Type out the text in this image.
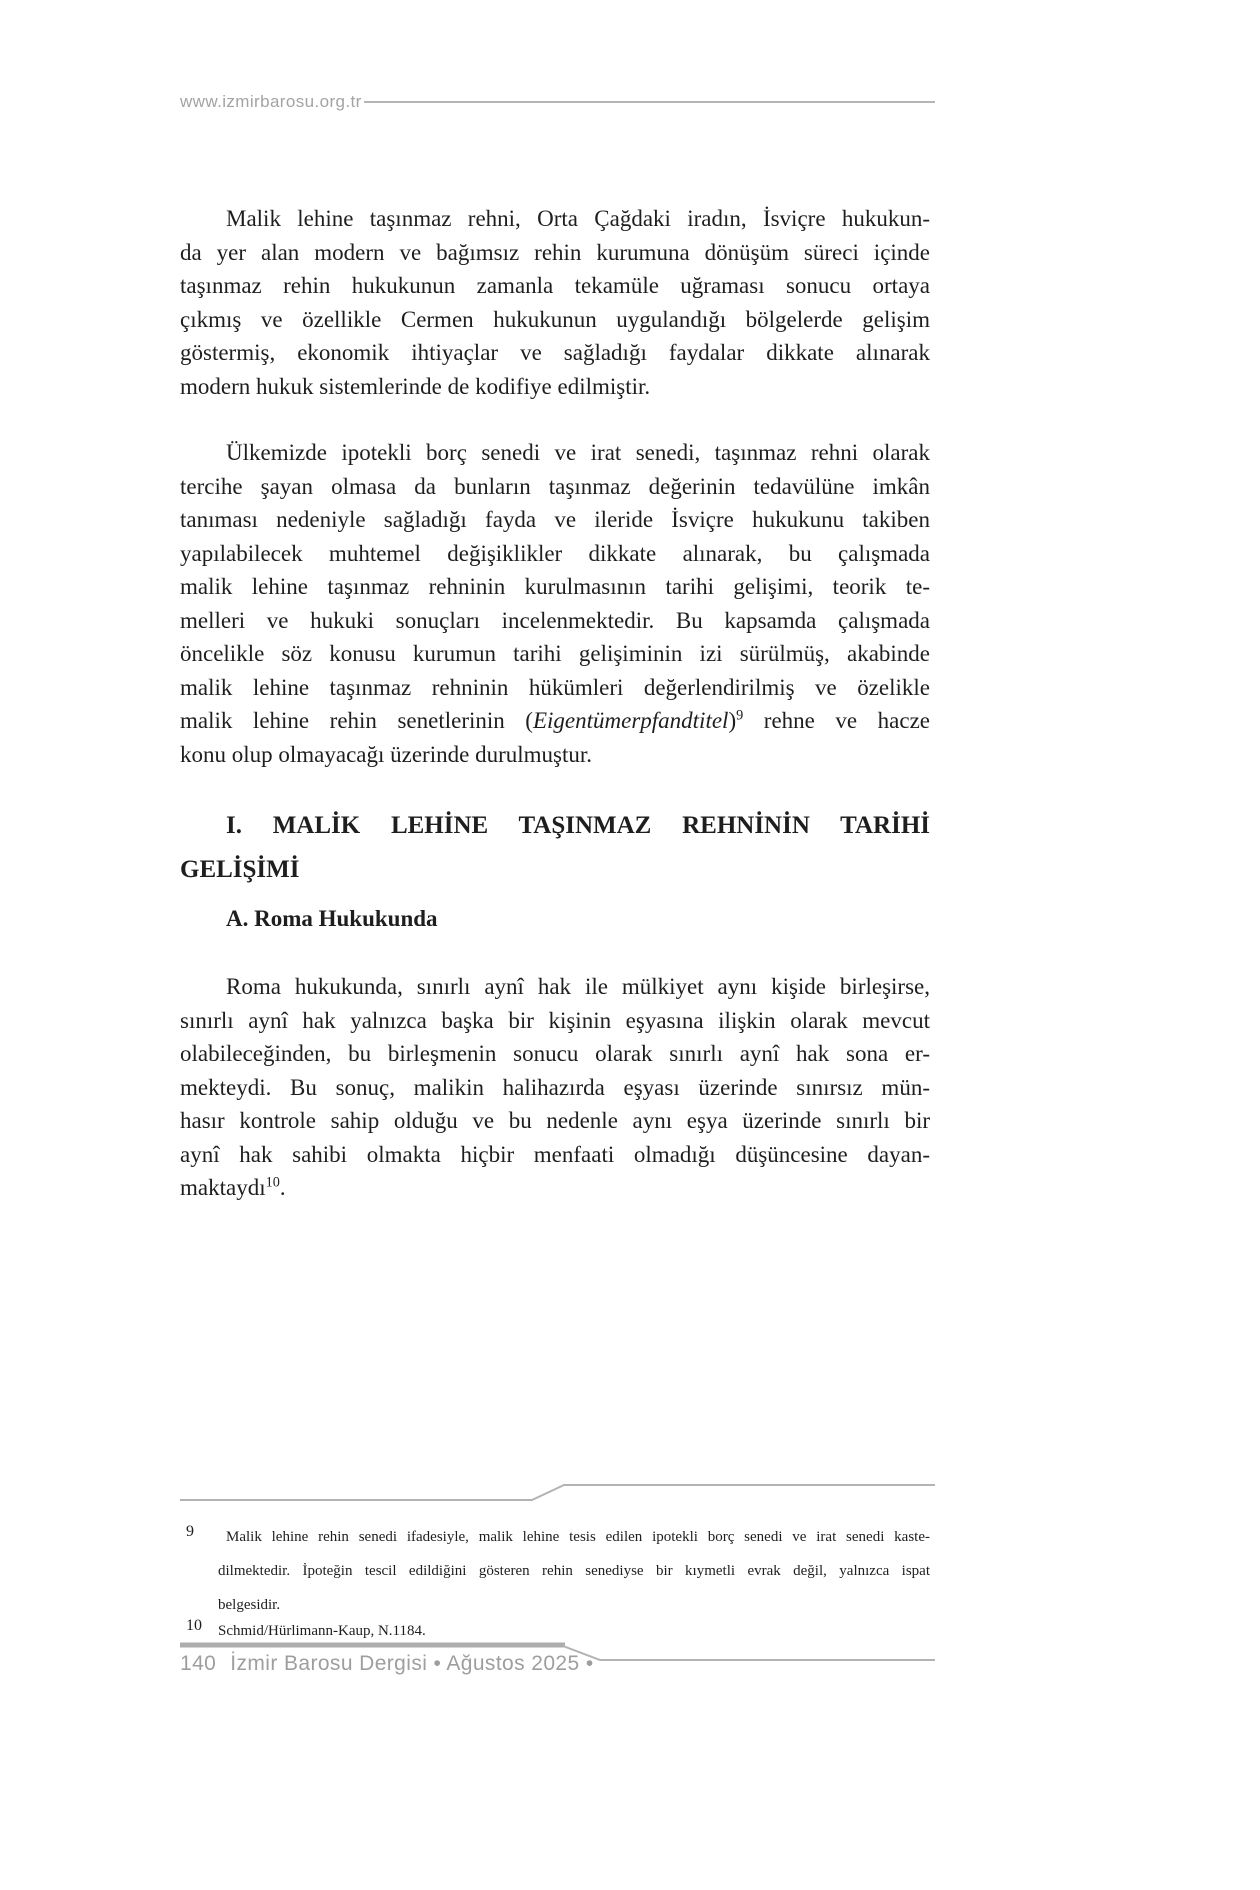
www.izmirbarosu.org.tr
Malik lehine taşınmaz rehni, Orta Çağdaki iradın, İsviçre hukukun-
da yer alan modern ve bağımsız rehin kurumuna dönüşüm süreci içinde
taşınmaz rehin hukukunun zamanla tekamüle uğraması sonucu ortaya
çıkmış ve özellikle Cermen hukukunun uygulandığı bölgelerde gelişim
göstermiş, ekonomik ihtiyaçlar ve sağladığı faydalar dikkate alınarak
modern hukuk sistemlerinde de kodifiye edilmiştir.
Ülkemizde ipotekli borç senedi ve irat senedi, taşınmaz rehni olarak
tercihe şayan olmasa da bunların taşınmaz değerinin tedavülüne imkân
tanıması nedeniyle sağladığı fayda ve ileride İsviçre hukukunu takiben
yapılabilecek muhtemel değişiklikler dikkate alınarak, bu çalışmada
malik lehine taşınmaz rehninin kurulmasının tarihi gelişimi, teorik te-
melleri ve hukuki sonuçları incelenmektedir. Bu kapsamda çalışmada
öncelikle söz konusu kurumun tarihi gelişiminin izi sürülmüş, akabinde
malik lehine taşınmaz rehninin hükümleri değerlendirilmiş ve özelikle
malik lehine rehin senetlerinin (Eigentümerpfandtitel)$^9$ rehne ve hacze
konu olup olmayacağı üzerinde durulmuştur.
I. MALİK LEHİNE TAŞINMAZ REHNİNİN TARİHİ
GELİŞİMİ
A. Roma Hukukunda
Roma hukukunda, sınırlı aynî hak ile mülkiyet aynı kişide birleşirse,
sınırlı aynî hak yalnızca başka bir kişinin eşyasına ilişkin olarak mevcut
olabileceğinden, bu birleşmenin sonucu olarak sınırlı aynî hak sona er-
mekteydi. Bu sonuç, malikin halihazırda eşyası üzerinde sınırsız mün-
hasır kontrole sahip olduğu ve bu nedenle aynı eşya üzerinde sınırlı bir
aynî hak sahibi olmakta hiçbir menfaati olmadığı düşüncesine dayan-
maktaydı$^{10}$.
9	Malik lehine rehin senedi ifadesiyle, malik lehine tesis edilen ipotekli borç senedi ve irat senedi kaste-
dilmektedir. İpoteğin tescil edildiğini gösteren rehin senediyse bir kıymetli evrak değil, yalnızca ispat
belgesidir.
10 Schmid/Hürlimann-Kaup, N.1184.
140 İzmir Barosu Dergisi • Ağustos 2025 •
